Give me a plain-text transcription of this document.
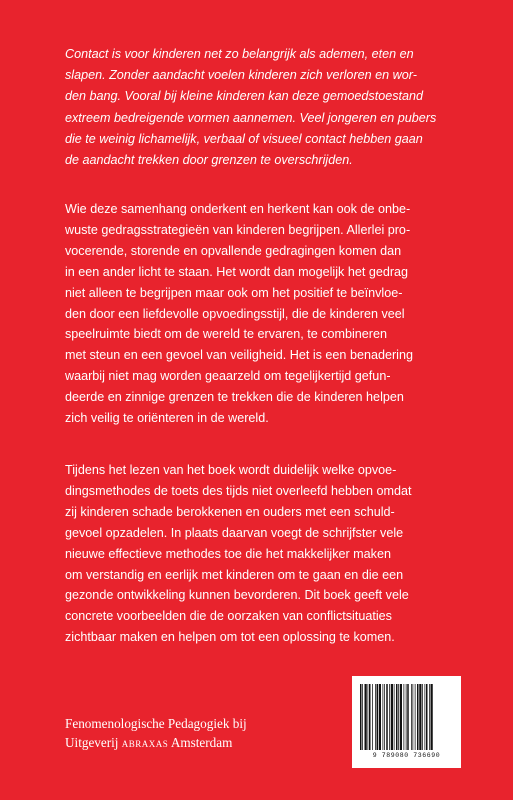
Contact is voor kinderen net zo belangrijk als ademen, eten en
slapen. Zonder aandacht voelen kinderen zich verloren en wor-
den bang. Vooral bij kleine kinderen kan deze gemoedstoestand
extreem bedreigende vormen aannemen. Veel jongeren en pubers
die te weinig lichamelijk, verbaal of visueel contact hebben gaan
de aandacht trekken door grenzen te overschrijden.

Wie deze samenhang onderkent en herkent kan ook de onbe-
wuste gedragsstrategieën van kinderen begrijpen. Allerlei pro-
vocerende, storende en opvallende gedragingen komen dan
in een ander licht te staan. Het wordt dan mogelijk het gedrag
niet alleen te begrijpen maar ook om het positief te beïnvloe-
den door een liefdevolle opvoedingsstijl, die de kinderen veel
speelruimte biedt om de wereld te ervaren, te combineren
met steun en een gevoel van veiligheid. Het is een benadering
waarbij niet mag worden geaarzeld om tegelijkertijd gefun-
deerde en zinnige grenzen te trekken die de kinderen helpen
zich veilig te oriënteren in de wereld.

Tijdens het lezen van het boek wordt duidelijk welke opvoe-
dingsmethodes de toets des tijds niet overleefd hebben omdat
zij kinderen schade berokkenen en ouders met een schuld-
gevoel opzadelen. In plaats daarvan voegt de schrijfster vele
nieuwe effectieve methodes toe die het makkelijker maken
om verstandig en eerlijk met kinderen om te gaan en die een
gezonde ontwikkeling kunnen bevorderen. Dit boek geeft vele
concrete voorbeelden die de oorzaken van conflictsituaties
zichtbaar maken en helpen om tot een oplossing te komen.

Fenomenologische Pedagogiek bij
Uitgeverij abraxas Amsterdam

9 789080 736690
